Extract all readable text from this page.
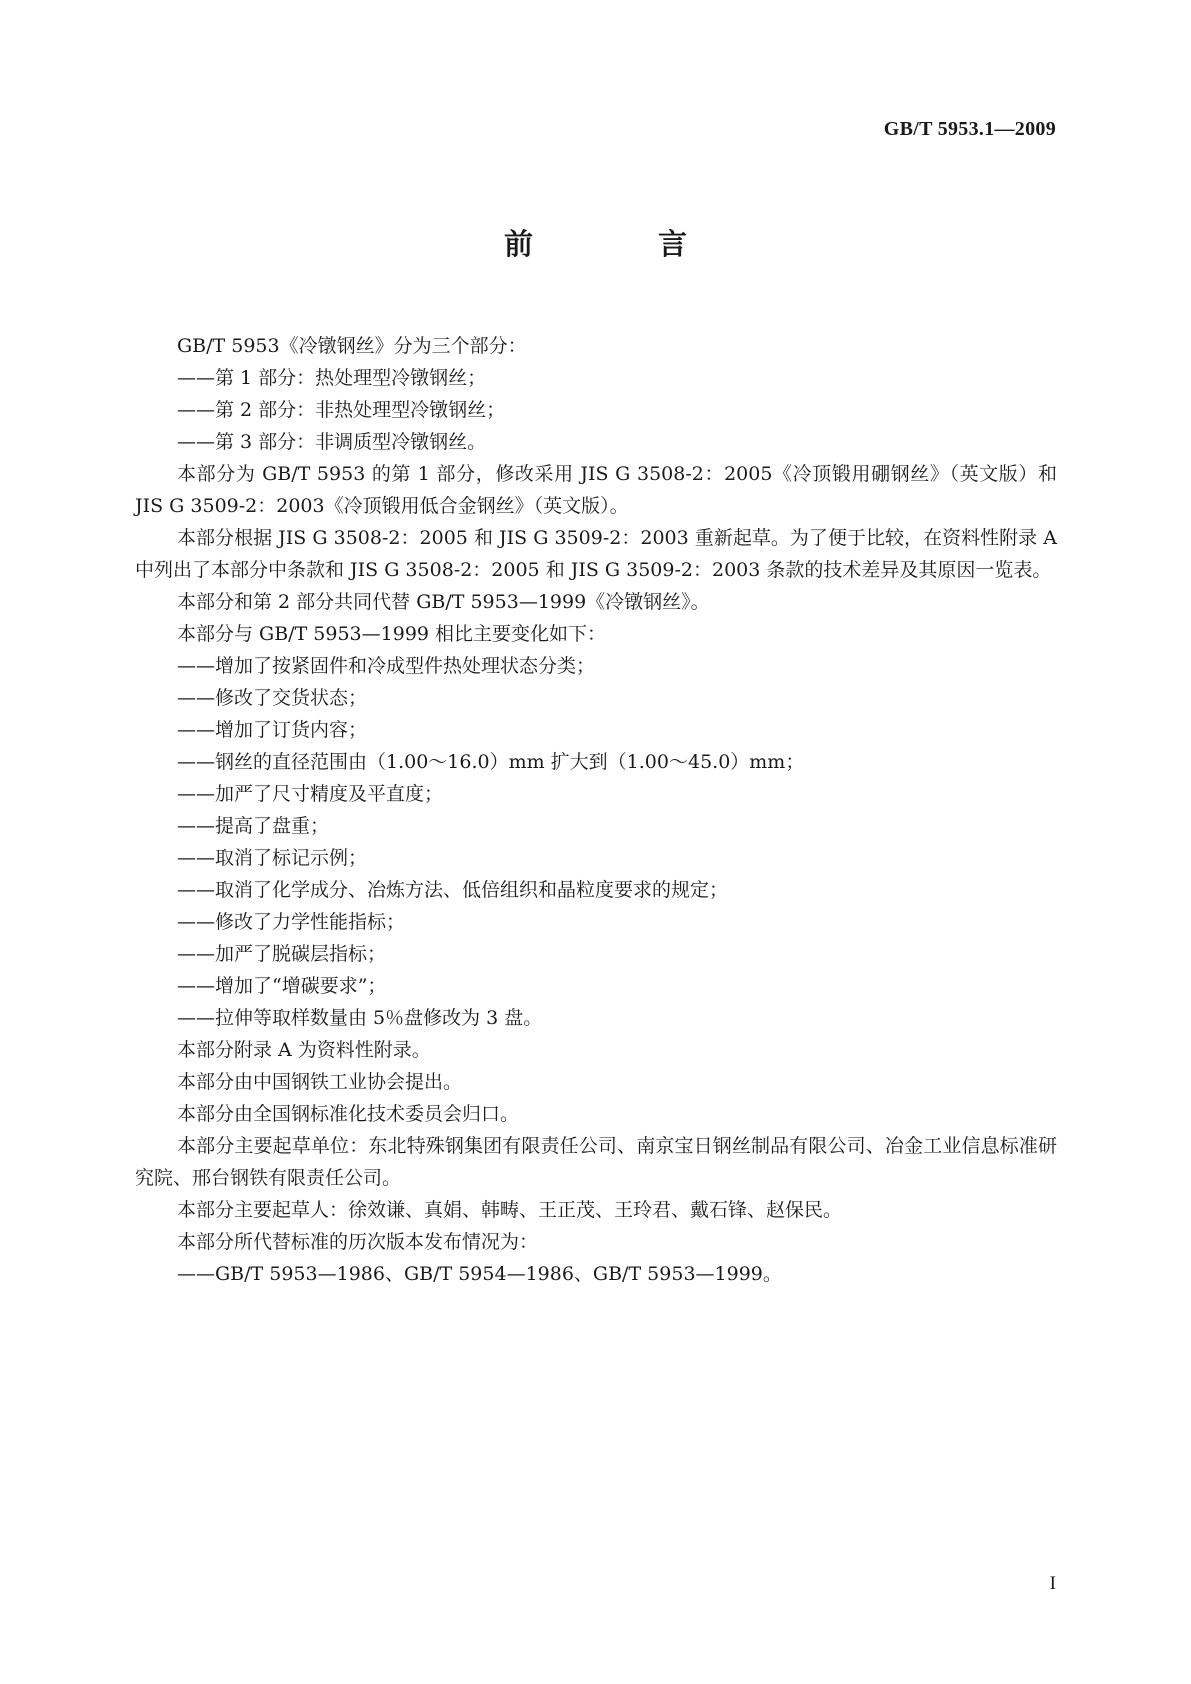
GB/T 5953.1—2009
前　言

GB/T 5953《冷镦钢丝》分为三个部分：

——第 1 部分：热处理型冷镦钢丝；

——第 2 部分：非热处理型冷镦钢丝；

——第 3 部分：非调质型冷镦钢丝。

本部分为 GB/T 5953 的第 1 部分，修改采用 JIS G 3508-2：2005《冷顶锻用硼钢丝》（英文版）和 JIS G 3509-2：2003《冷顶锻用低合金钢丝》（英文版）。

本部分根据 JIS G 3508-2：2005 和 JIS G 3509-2：2003 重新起草。为了便于比较，在资料性附录 A 中列出了本部分中条款和 JIS G 3508-2：2005 和 JIS G 3509-2：2003 条款的技术差异及其原因一览表。

本部分和第 2 部分共同代替 GB/T 5953—1999《冷镦钢丝》。

本部分与 GB/T 5953—1999 相比主要变化如下：

——增加了按紧固件和冷成型件热处理状态分类；

——修改了交货状态；

——增加了订货内容；

——钢丝的直径范围由（1.00～16.0）mm 扩大到（1.00～45.0）mm；

——加严了尺寸精度及平直度；

——提高了盘重；

——取消了标记示例；

——取消了化学成分、冶炼方法、低倍组织和晶粒度要求的规定；

——修改了力学性能指标；

——加严了脱碳层指标；

——增加了“增碳要求”；

——拉伸等取样数量由 5％盘修改为 3 盘。

本部分附录 A 为资料性附录。

本部分由中国钢铁工业协会提出。

本部分由全国钢标准化技术委员会归口。

本部分主要起草单位：东北特殊钢集团有限责任公司、南京宝日钢丝制品有限公司、冶金工业信息标准研究院、邢台钢铁有限责任公司。

本部分主要起草人：徐效谦、真娟、韩畴、王正茂、王玲君、戴石锋、赵保民。

本部分所代替标准的历次版本发布情况为：

——GB/T 5953—1986、GB/T 5954—1986、GB/T 5953—1999。

I
